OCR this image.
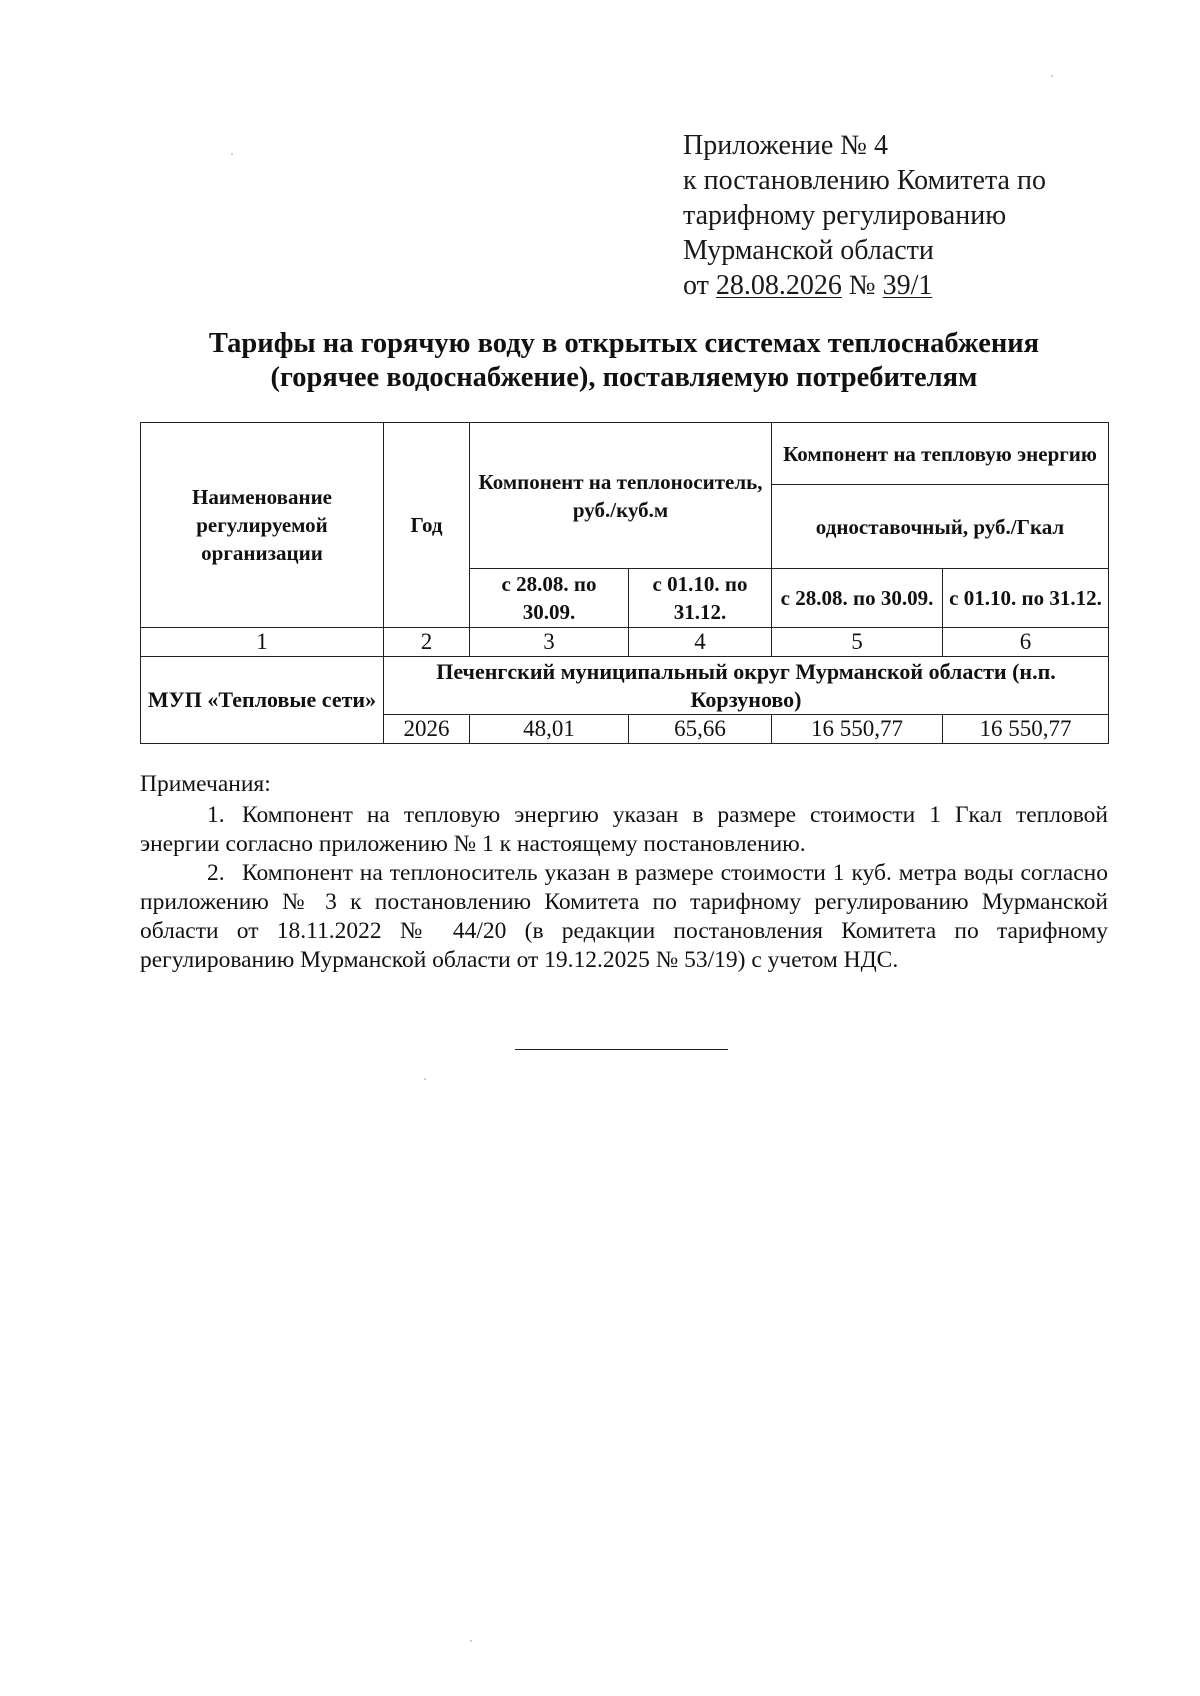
Приложение № 4
к постановлению Комитета по
тарифному регулированию
Мурманской области
от 28.08.2026 № 39/1
Тарифы на горячую воду в открытых системах теплоснабжения
(горячее водоснабжение), поставляемую потребителям
Наименование регулируемой организации	Год	Компонент на теплоноситель, руб./куб.м		Компонент на тепловую энергию	
				одноставочный, руб./Гкал	
		с 28.08. по 30.09.	с 01.10. по 31.12.	с 28.08. по 30.09.	с 01.10. по 31.12.
1	2	3	4	5	6
МУП «Тепловые сети»	Печенгский муниципальный округ Мурманской области (н.п. Корзуново)				
	2026	48,01	65,66	16 550,77	16 550,77

Примечания:

1. Компонент на тепловую энергию указан в размере стоимости 1 Гкал тепловой энергии согласно приложению № 1 к настоящему постановлению.

2. Компонент на теплоноситель указан в размере стоимости 1 куб. метра воды согласно приложению № 3 к постановлению Комитета по тарифному регулированию Мурманской области от 18.11.2022 № 44/20 (в редакции постановления Комитета по тарифному регулированию Мурманской области от 19.12.2025 № 53/19) с учетом НДС.
